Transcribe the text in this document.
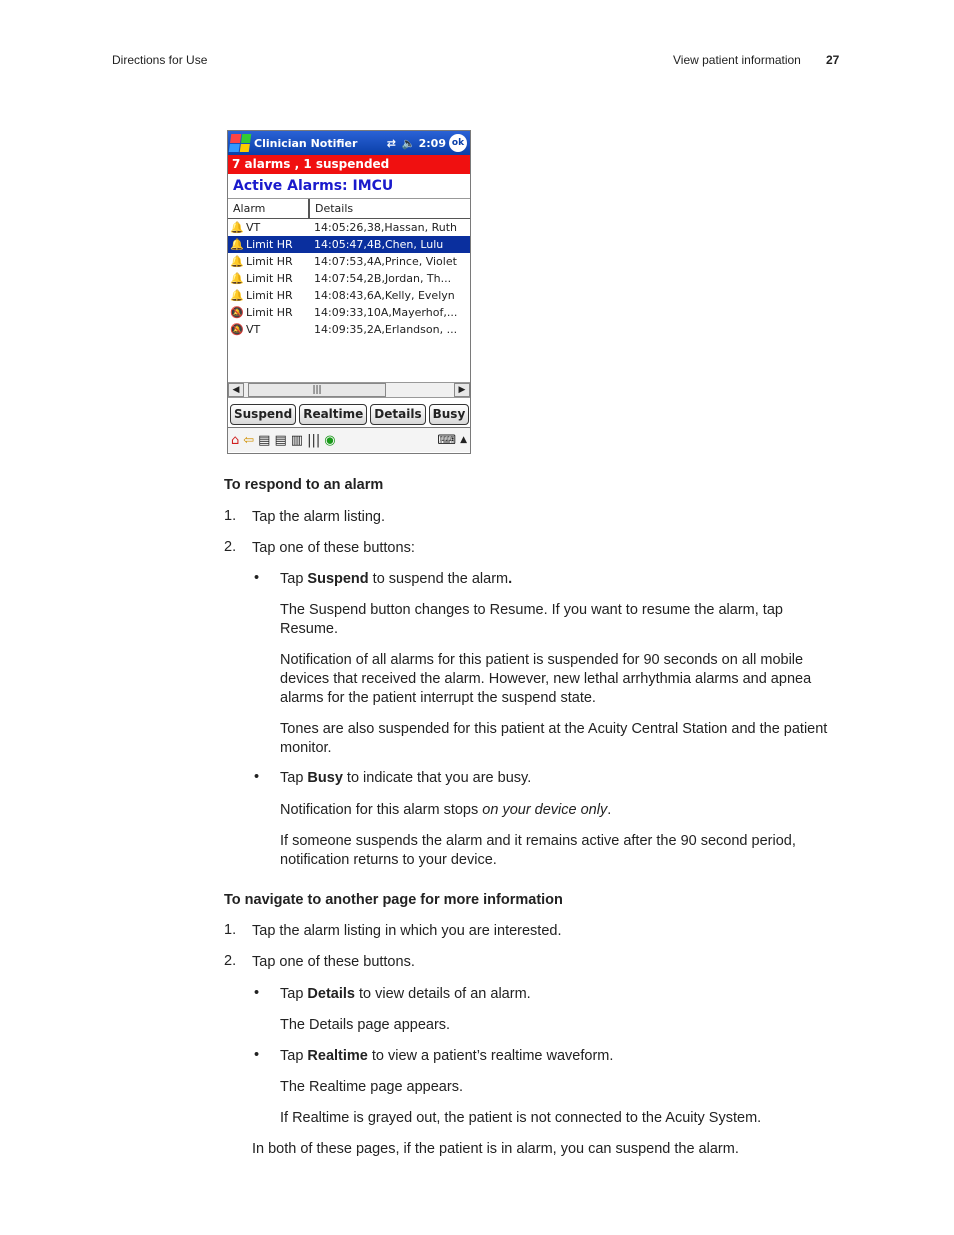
Directions for Use	View patient information 27
Clinician Notifier	⇄ 🔈 2:09 ok
7 alarms , 1 suspended
Active Alarms: IMCU
Alarm	Details
🔔 VT	14:05:26,38,Hassan, Ruth
🔔 Limit HR	14:05:47,4B,Chen, Lulu
🔔 Limit HR	14:07:53,4A,Prince, Violet
🔔 Limit HR	14:07:54,2B,Jordan, Th...
🔔 Limit HR	14:08:43,6A,Kelly, Evelyn
🔕 Limit HR	14:09:33,10A,Mayerhof,...
🔕 VT	14:09:35,2A,Erlandson, ...
◀	|||	▶
Suspend Realtime Details Busy
⌂ ⇦ ▤ ▤ ▥ ||| ◉	⌨ ▲
To respond to an alarm
1. Tap the alarm listing.
2. Tap one of these buttons:
• Tap Suspend to suspend the alarm.
The Suspend button changes to Resume. If you want to resume the alarm, tap Resume.
Notification of all alarms for this patient is suspended for 90 seconds on all mobile devices that received the alarm. However, new lethal arrhythmia alarms and apnea alarms for the patient interrupt the suspend state.
Tones are also suspended for this patient at the Acuity Central Station and the patient monitor.
• Tap Busy to indicate that you are busy.
Notification for this alarm stops on your device only.
If someone suspends the alarm and it remains active after the 90 second period, notification returns to your device.
To navigate to another page for more information
1. Tap the alarm listing in which you are interested.
2. Tap one of these buttons.
• Tap Details to view details of an alarm.
The Details page appears.
• Tap Realtime to view a patient’s realtime waveform.
The Realtime page appears.
If Realtime is grayed out, the patient is not connected to the Acuity System.
In both of these pages, if the patient is in alarm, you can suspend the alarm.
